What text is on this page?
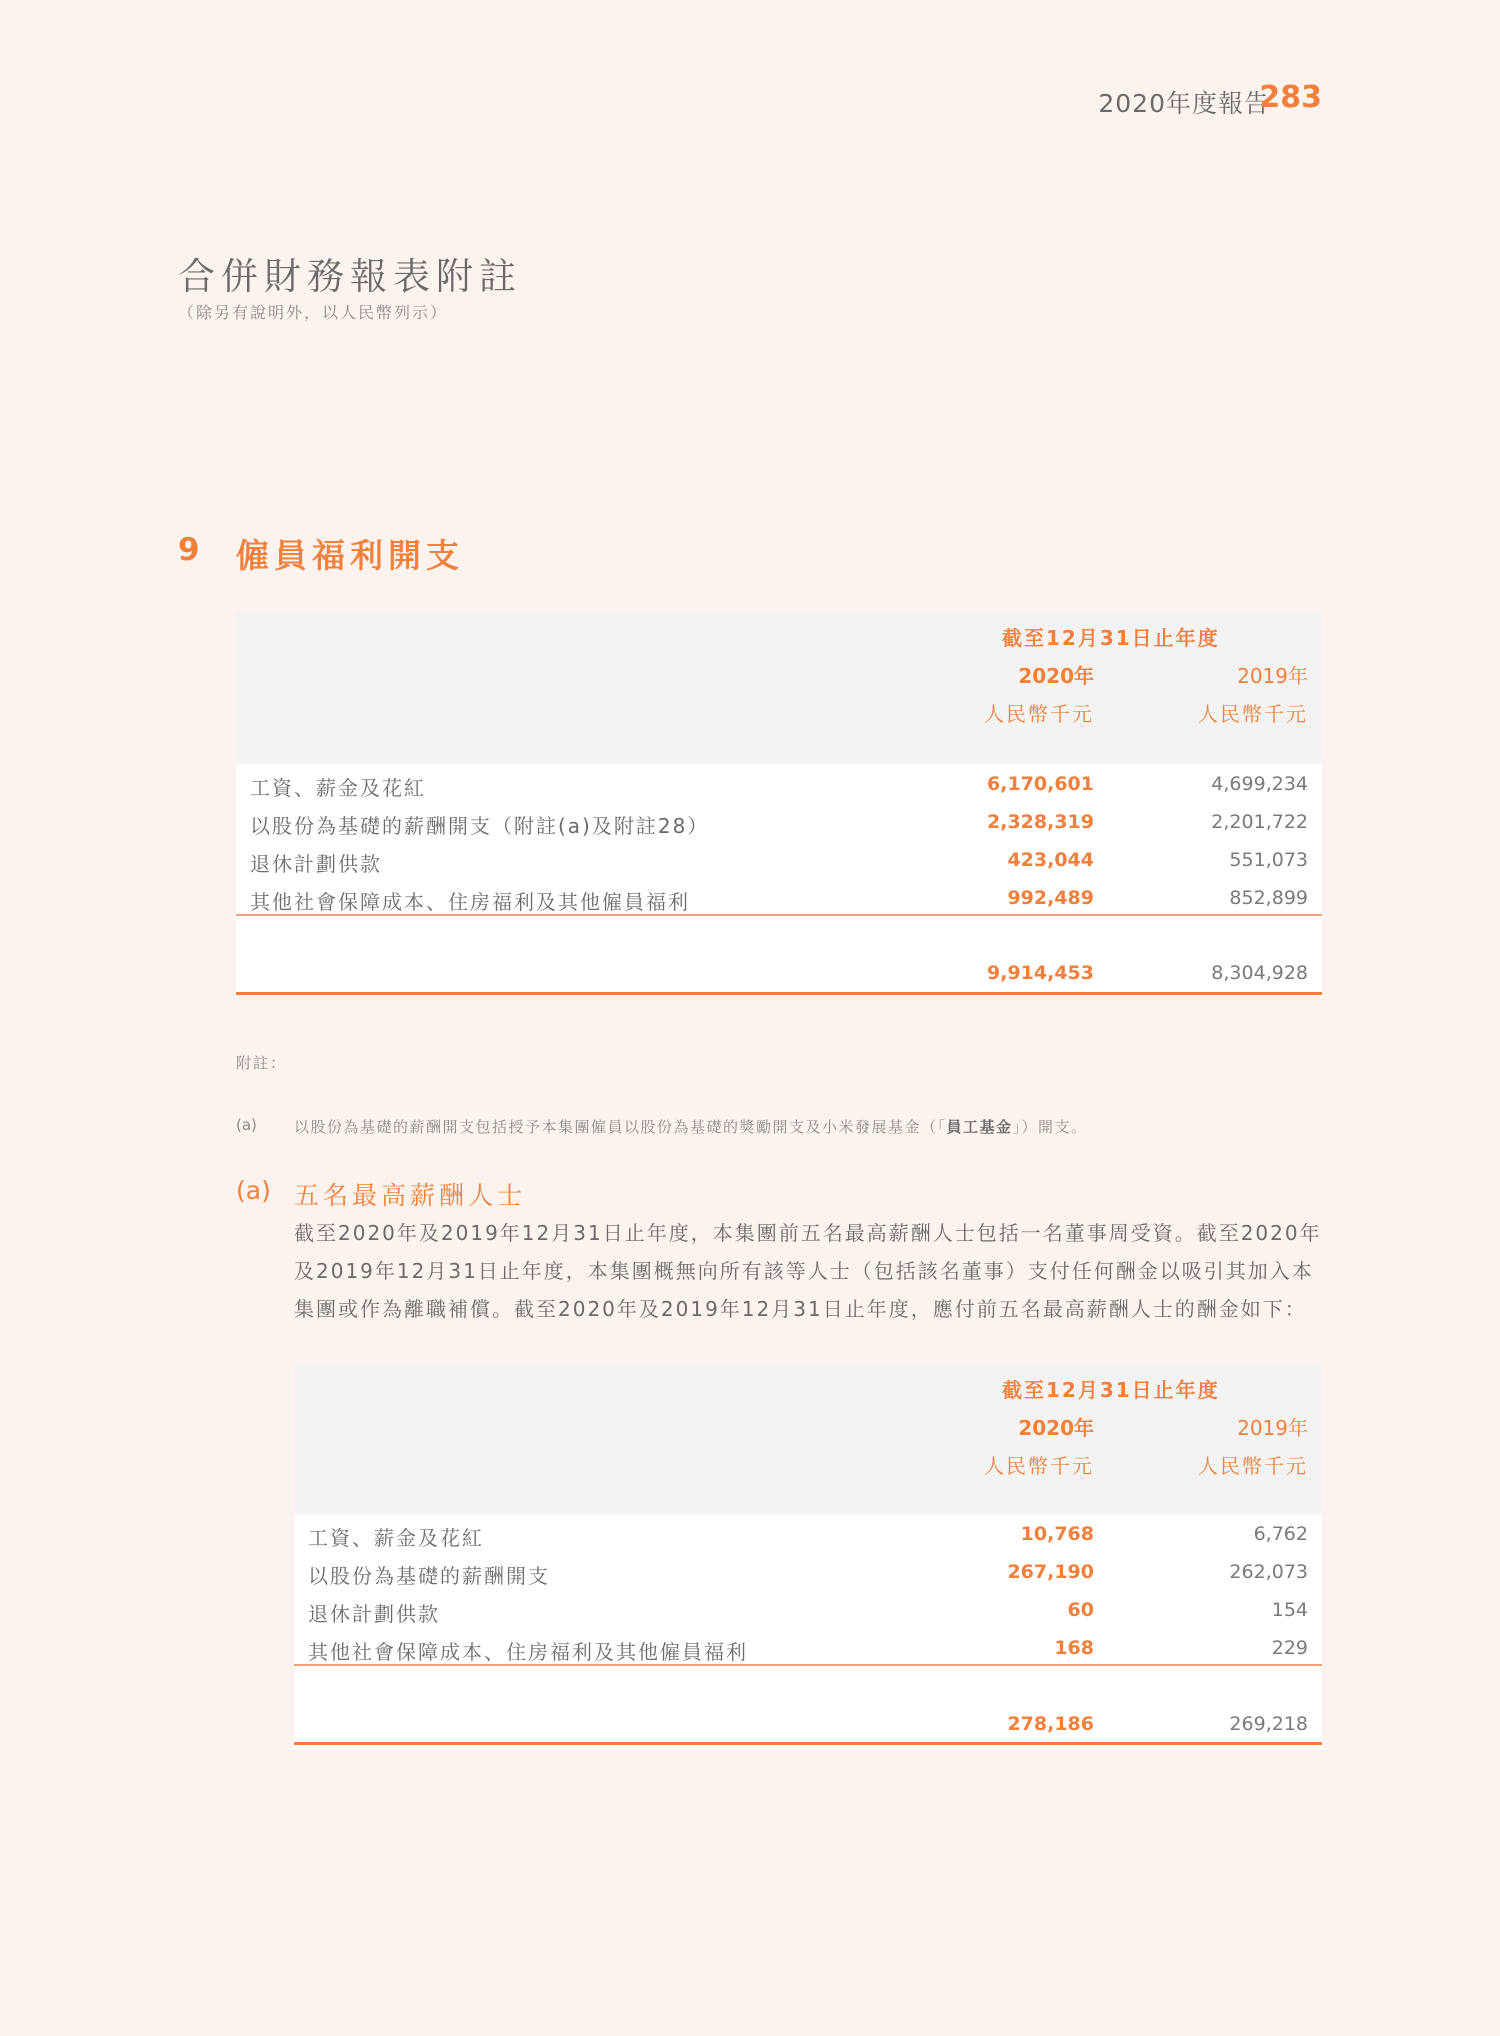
2020年度報告
283
合併財務報表附註
（除另有說明外，以人民幣列示）
9 僱員福利開支
截至12月31日止年度
2020年	2019年
人民幣千元	人民幣千元
工資、薪金及花紅	6,170,601	4,699,234
以股份為基礎的薪酬開支（附註(a)及附註28）	2,328,319	2,201,722
退休計劃供款	423,044	551,073
其他社會保障成本、住房福利及其他僱員福利	992,489	852,899
9,914,453	8,304,928
附註：
(a) 以股份為基礎的薪酬開支包括授予本集團僱員以股份為基礎的獎勵開支及小米發展基金（「員工基金」）開支。
(a) 五名最高薪酬人士

截至2020年及2019年12月31日止年度，本集團前五名最高薪酬人士包括一名董事周受資。截至2020年及2019年12月31日止年度，本集團概無向所有該等人士（包括該名董事）支付任何酬金以吸引其加入本集團或作為離職補償。截至2020年及2019年12月31日止年度，應付前五名最高薪酬人士的酬金如下：

截至12月31日止年度
2020年	2019年
人民幣千元	人民幣千元
工資、薪金及花紅	10,768	6,762
以股份為基礎的薪酬開支	267,190	262,073
退休計劃供款	60	154
其他社會保障成本、住房福利及其他僱員福利	168	229
278,186	269,218
